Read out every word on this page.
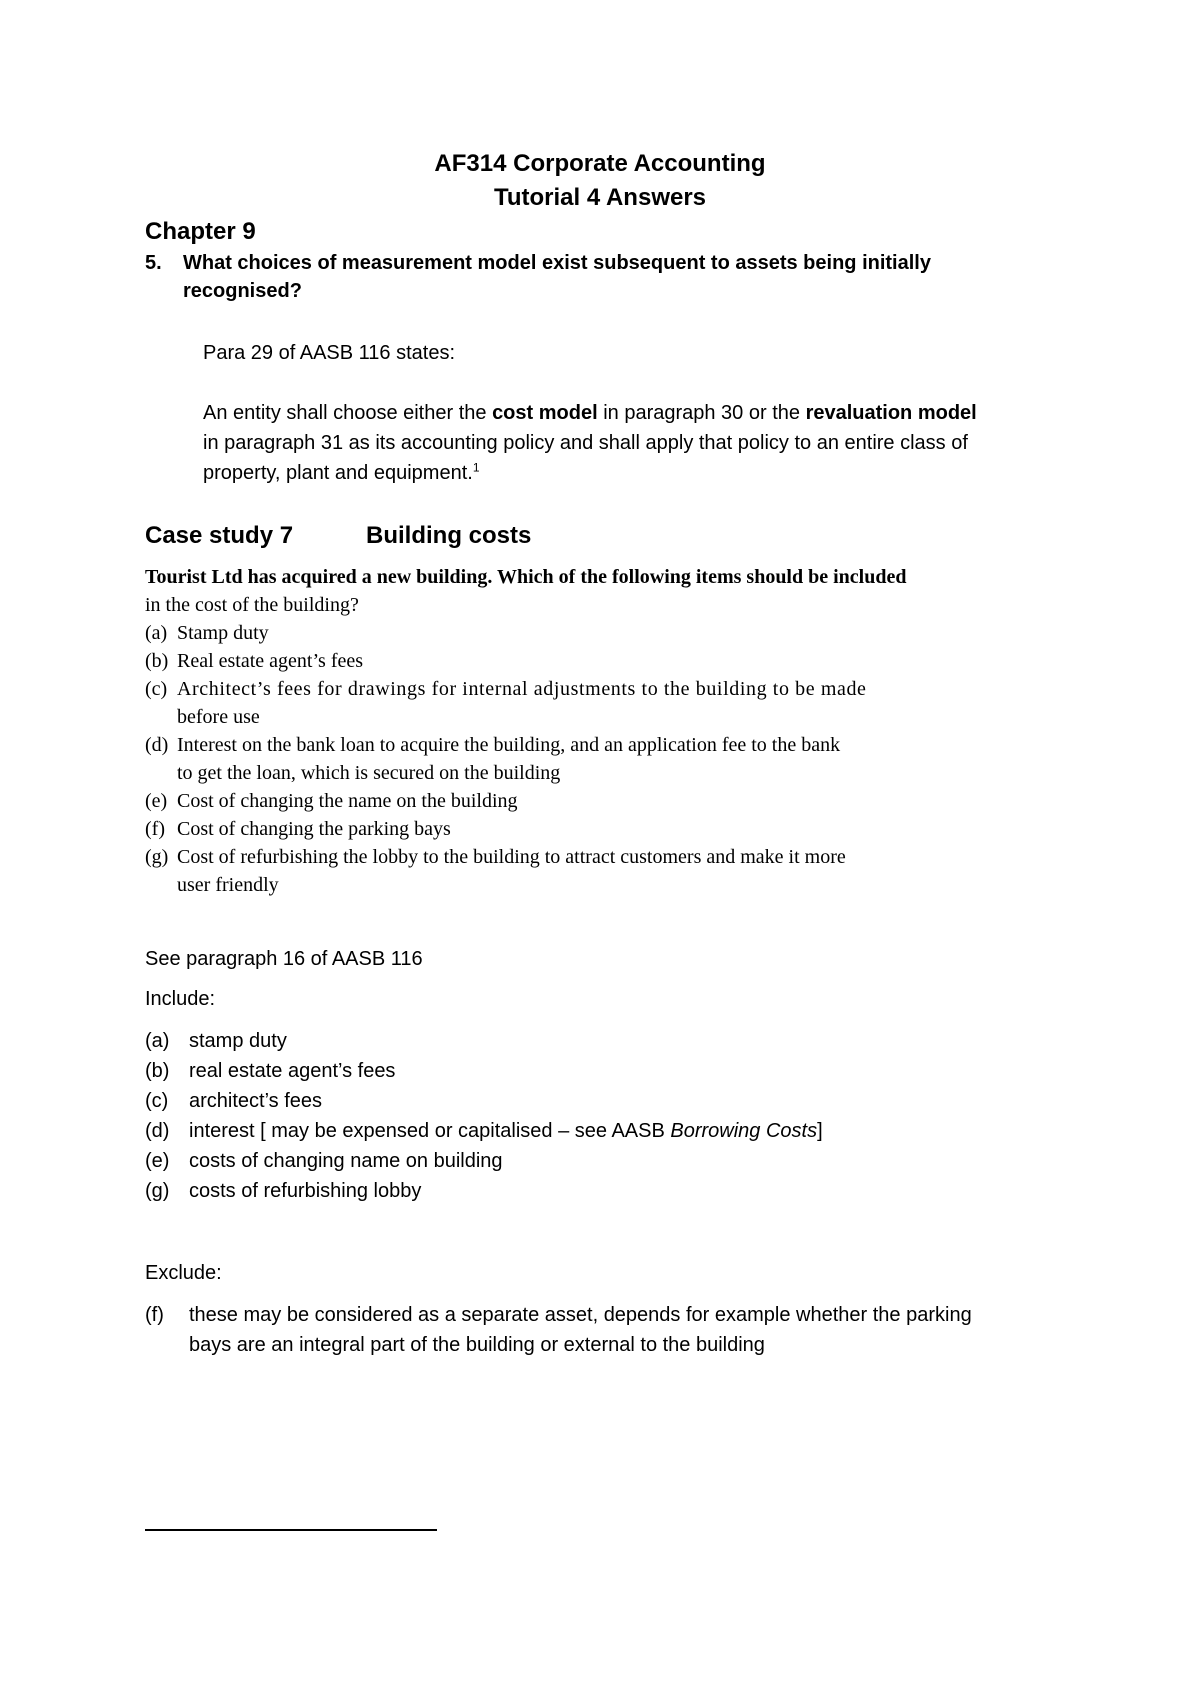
AF314 Corporate Accounting
Tutorial 4 Answers
Chapter 9
5. What choices of measurement model exist subsequent to assets being initially
recognised?
Para 29 of AASB 116 states:
An entity shall choose either the cost model in paragraph 30 or the revaluation model
in paragraph 31 as its accounting policy and shall apply that policy to an entire class of
property, plant and equipment.$^1$
Case study 7	Building costs
Tourist Ltd has acquired a new building. Which of the following items should be included
in the cost of the building?
(a) Stamp duty
(b) Real estate agent’s fees
(c) Architect’s fees for drawings for internal adjustments to the building to be made
before use
(d) Interest on the bank loan to acquire the building, and an application fee to the bank
to get the loan, which is secured on the building
(e) Cost of changing the name on the building
(f) Cost of changing the parking bays
(g) Cost of refurbishing the lobby to the building to attract customers and make it more
user friendly
See paragraph 16 of AASB 116
Include:
(a) stamp duty
(b) real estate agent’s fees
(c) architect’s fees
(d) interest [ may be expensed or capitalised – see AASB Borrowing Costs]
(e) costs of changing name on building
(g) costs of refurbishing lobby
Exclude:
(f) these may be considered as a separate asset, depends for example whether the parking
bays are an integral part of the building or external to the building
